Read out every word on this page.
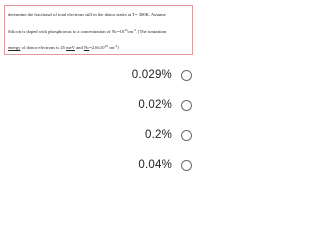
determine the fractional of total electrons still in the donor states at T= 300K. Assume
Silicon is doped with phosphorous to a concentration of $Nc=10^{16}cm^{-3}$. [The ionization
energy of donor electrons is 45 meV and $Nc=2.8x10^{19}$ $cm^{-3}$]
0.029%
0.02%
0.2%
0.04%
